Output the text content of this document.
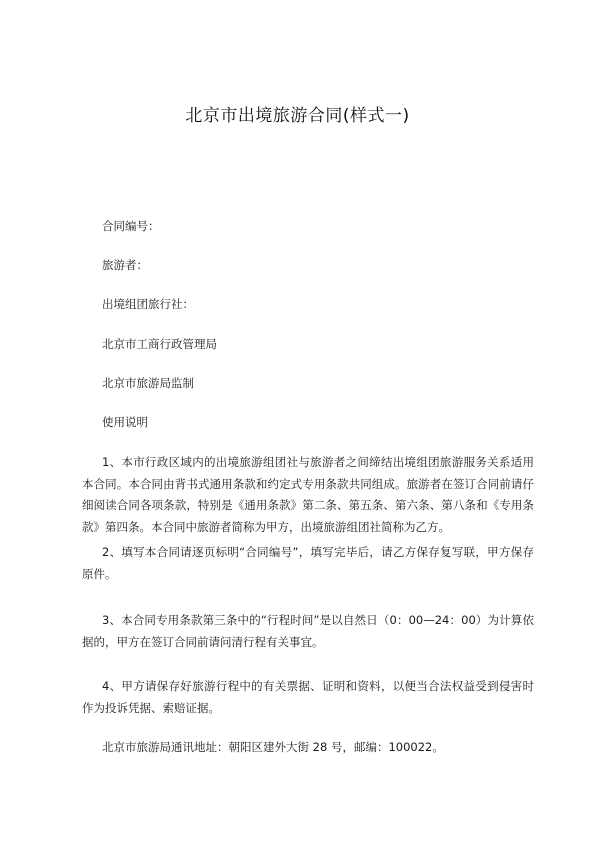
北京市出境旅游合同(样式一)
合同编号：
旅游者：
出境组团旅行社：
北京市工商行政管理局
北京市旅游局监制
使用说明
1、本市行政区域内的出境旅游组团社与旅游者之间缔结出境组团旅游服务关系适用本合同。本合同由背书式通用条款和约定式专用条款共同组成。旅游者在签订合同前请仔细阅读合同各项条款，特别是《通用条款》第二条、第五条、第六条、第八条和《专用条款》第四条。本合同中旅游者简称为甲方，出境旅游组团社简称为乙方。
2、填写本合同请逐页标明“合同编号”，填写完毕后，请乙方保存复写联，甲方保存原件。
3、本合同专用条款第三条中的“行程时间”是以自然日（0：00—24：00）为计算依据的，甲方在签订合同前请问清行程有关事宜。
4、甲方请保存好旅游行程中的有关票据、证明和资料，以便当合法权益受到侵害时作为投诉凭据、索赔证据。
北京市旅游局通讯地址：朝阳区建外大街 28 号，邮编：100022。
